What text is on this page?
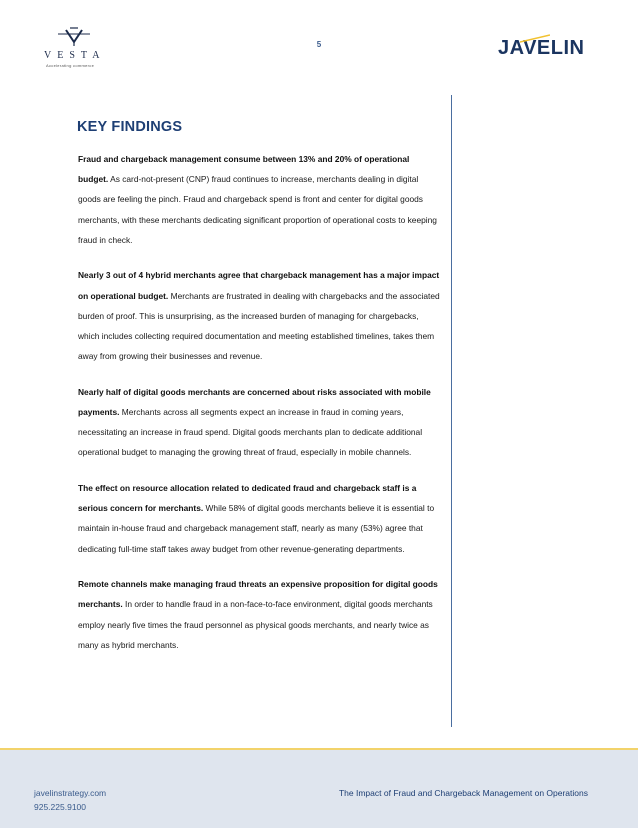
VESTA
Accelerating commerce
5	JAVELIN
KEY FINDINGS

Fraud and chargeback management consume between 13% and 20% of operational budget. As card-not-present (CNP) fraud continues to increase, merchants dealing in digital goods are feeling the pinch. Fraud and chargeback spend is front and center for digital goods merchants, with these merchants dedicating significant proportion of operational costs to keeping fraud in check.

Nearly 3 out of 4 hybrid merchants agree that chargeback management has a major impact on operational budget. Merchants are frustrated in dealing with chargebacks and the associated burden of proof. This is unsurprising, as the increased burden of managing for chargebacks, which includes collecting required documentation and meeting established timelines, takes them away from growing their businesses and revenue.

Nearly half of digital goods merchants are concerned about risks associated with mobile payments. Merchants across all segments expect an increase in fraud in coming years, necessitating an increase in fraud spend. Digital goods merchants plan to dedicate additional operational budget to managing the growing threat of fraud, especially in mobile channels.

The effect on resource allocation related to dedicated fraud and chargeback staff is a serious concern for merchants. While 58% of digital goods merchants believe it is essential to maintain in-house fraud and chargeback management staff, nearly as many (53%) agree that dedicating full-time staff takes away budget from other revenue-generating departments.

Remote channels make managing fraud threats an expensive proposition for digital goods merchants. In order to handle fraud in a non-face-to-face environment, digital goods merchants employ nearly five times the fraud personnel as physical goods merchants, and nearly twice as many as hybrid merchants.

javelinstrategy.com
925.225.9100
The Impact of Fraud and Chargeback Management on Operations
